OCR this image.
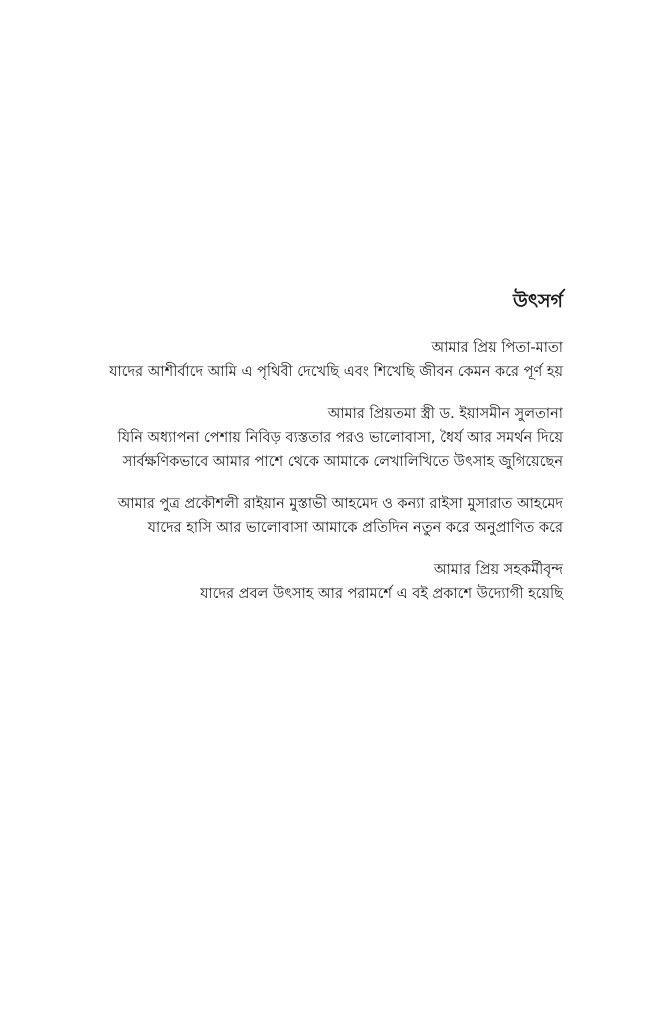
উৎসর্গ
আমার প্রিয় পিতা-মাতা
যাদের আশীর্বাদে আমি এ পৃথিবী দেখেছি এবং শিখেছি জীবন কেমন করে পূর্ণ হয়
আমার প্রিয়তমা স্ত্রী ড. ইয়াসমীন সুলতানা
যিনি অধ্যাপনা পেশায় নিবিড় ব্যস্ততার পরও ভালোবাসা, ধৈর্য আর সমর্থন দিয়ে
সার্বক্ষণিকভাবে আমার পাশে থেকে আমাকে লেখালিখিতে উৎসাহ জুগিয়েছেন
আমার পুত্র প্রকৌশলী রাইয়ান মুস্তাভী আহমেদ ও কন্যা রাইসা মুসারাত আহমেদ
যাদের হাসি আর ভালোবাসা আমাকে প্রতিদিন নতুন করে অনুপ্রাণিত করে
আমার প্রিয় সহকর্মীবৃন্দ
যাদের প্রবল উৎসাহ আর পরামর্শে এ বই প্রকাশে উদ্যোগী হয়েছি
